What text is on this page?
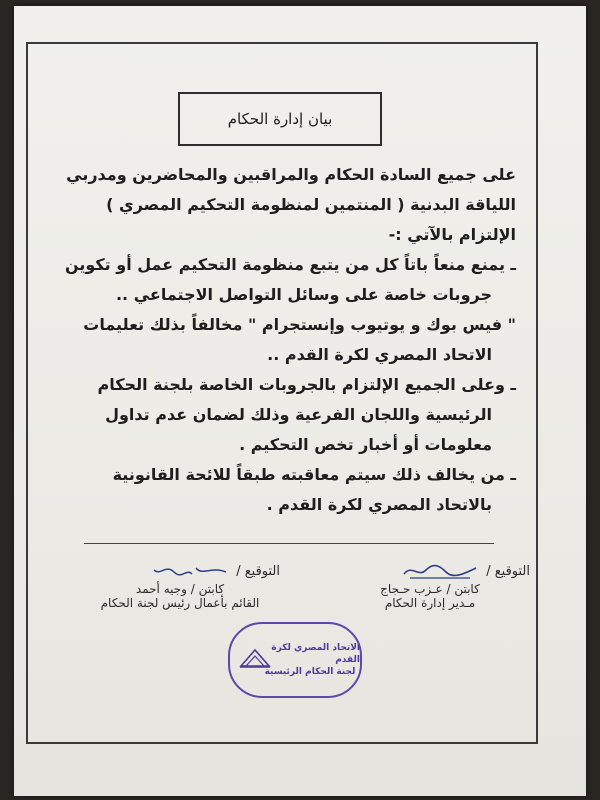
بيان إدارة الحكام

على جميع السادة الحكام والمراقبين والمحاضرين ومدربي

اللياقة البدنية ( المنتمين لمنظومة التحكيم المصري )

الإلتزام بالآتي :-

ـ يمنع منعاً باتاً كل من يتبع منظومة التحكيم عمل أو تكوين

جروبات خاصة على وسائل التواصل الاجتماعي ..

" فيس بوك و يوتيوب وإنستجرام " مخالفاً بذلك تعليمات

الاتحاد المصري لكرة القدم ..

ـ وعلى الجميع الإلتزام بالجروبات الخاصة بلجنة الحكام

الرئيسية واللجان الفرعية وذلك لضمان عدم تداول

معلومات أو أخبار تخص التحكيم .

ـ من يخالف ذلك سيتم معاقبته طبقاً للائحة القانونية

بالاتحاد المصري لكرة القدم .

التوقيع /
كابتن / عـزب حـجاج
مـدير إدارة الحكام
التوقيع /
كابتن / وجيه أحمد
القائم بأعمال رئيس لجنة الحكام
الاتحاد المصري لكرة القدم
لجنة الحكام الرئيسية
